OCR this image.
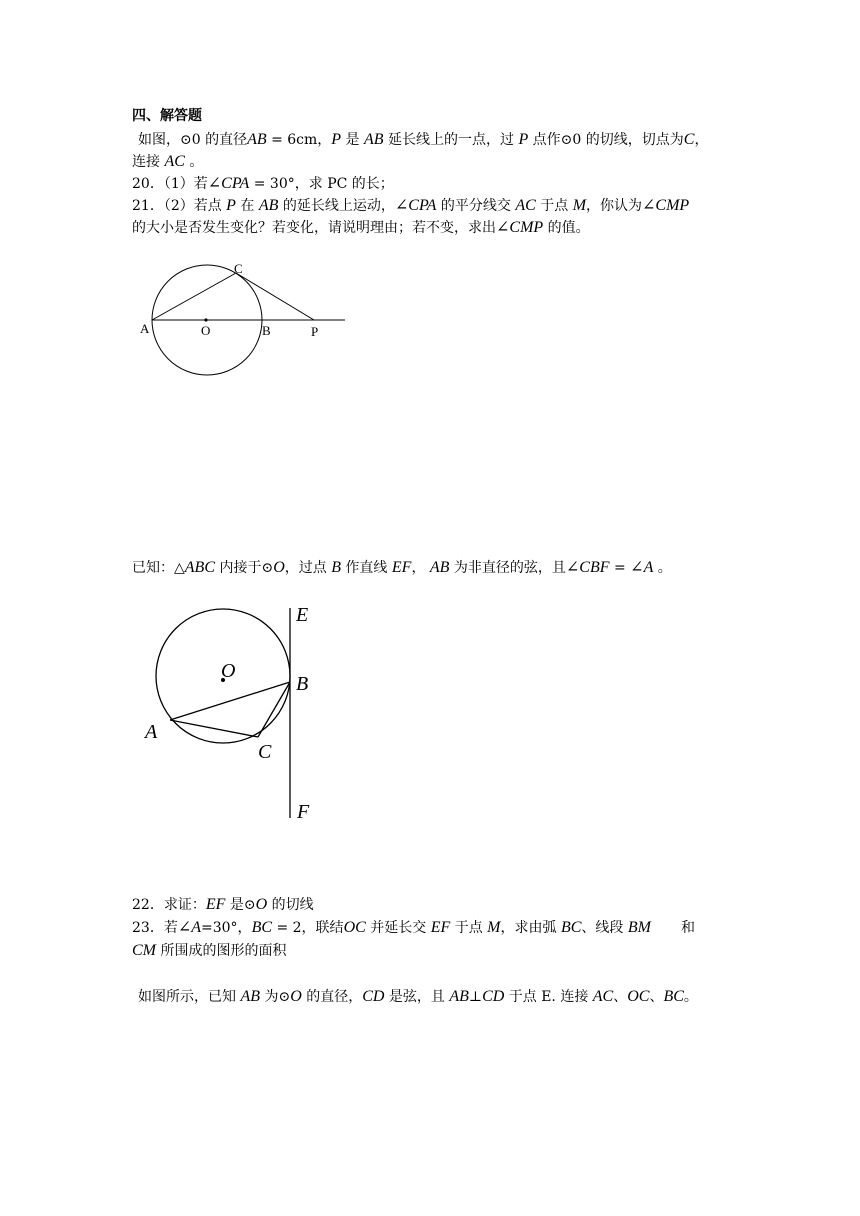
四、解答题
如图，⊙0 的直径AB = 6cm，P 是 AB 延长线上的一点，过 P 点作⊙0 的切线，切点为C，
连接 AC 。
20．（1）若∠CPA = 30°，求 PC 的长；
21．（2）若点 P 在 AB 的延长线上运动，∠CPA 的平分线交 AC 于点 M，你认为∠CMP
的大小是否发生变化？若变化，请说明理由；若不变，求出∠CMP 的值。
C
A	O	B	P
E
O
B
A
C
F
已知：△ABC 内接于⊙O，过点 B 作直线 EF， AB 为非直径的弦，且∠CBF = ∠A 。
22．求证：EF 是⊙O 的切线
23．若∠A=30°，BC = 2，联结OC 并延长交 EF 于点 M，求由弧 BC、线段 BM 和
CM 所围成的图形的面积
如图所示，已知 AB 为⊙O 的直径，CD 是弦，且 AB⊥CD 于点 E. 连接 AC、OC、BC。
